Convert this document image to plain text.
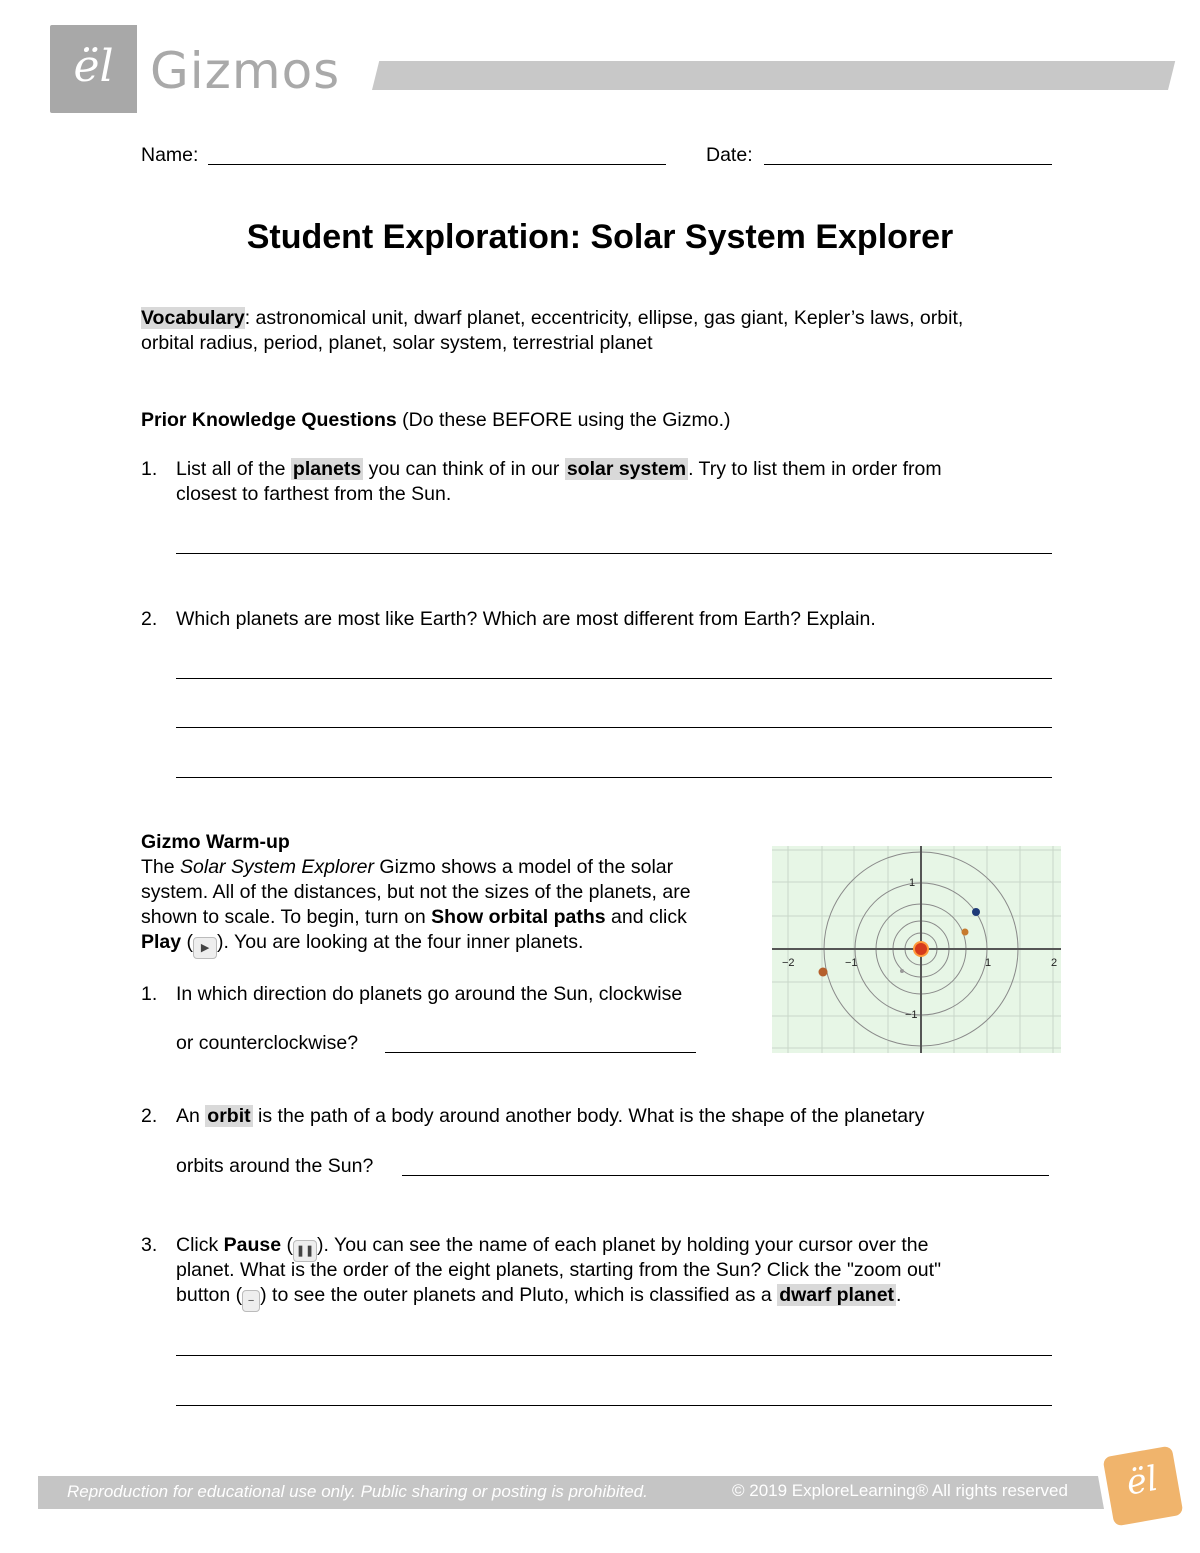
ël Gizmos
Name:	Date:
Student Exploration: Solar System Explorer
Vocabulary: astronomical unit, dwarf planet, eccentricity, ellipse, gas giant, Kepler’s laws, orbit,
orbital radius, period, planet, solar system, terrestrial planet
Prior Knowledge Questions (Do these BEFORE using the Gizmo.)
1. List all of the planets you can think of in our solar system . Try to list them in order from
closest to farthest from the Sun.
2. Which planets are most like Earth? Which are most different from Earth? Explain.
Gizmo Warm-up
The Solar System Explorer Gizmo shows a model of the solar
system. All of the distances, but not the sizes of the planets, are
shown to scale. To begin, turn on Show orbital paths and click
Play ( ▶ ). You are looking at the four inner planets.
1. In which direction do planets go around the Sun, clockwise
or counterclockwise?
−2	−1	1	2
1
−1
2. An orbit is the path of a body around another body. What is the shape of the planetary
orbits around the Sun?
3. Click Pause ( ❚❚ ). You can see the name of each planet by holding your cursor over the
planet. What is the order of the eight planets, starting from the Sun? Click the "zoom out"
button ( − ) to see the outer planets and Pluto, which is classified as a dwarf planet .
Reproduction for educational use only. Public sharing or posting is prohibited.	© 2019 ExploreLearning® All rights reserved	ël
